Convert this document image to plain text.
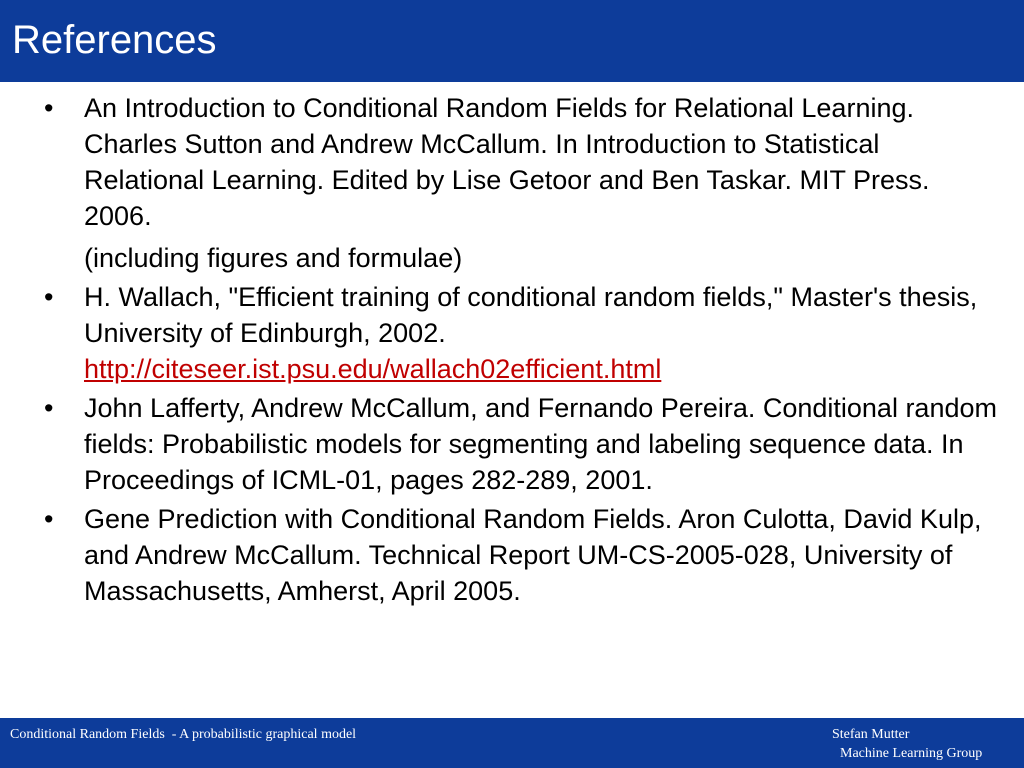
References
• An Introduction to Conditional Random Fields for Relational Learning. Charles Sutton and Andrew McCallum. In Introduction to Statistical Relational Learning. Edited by Lise Getoor and Ben Taskar. MIT Press. 2006.
(including figures and formulae)
• H. Wallach, "Efficient training of conditional random fields," Master's thesis, University of Edinburgh, 2002.
http://citeseer.ist.psu.edu/wallach02efficient.html
• John Lafferty, Andrew McCallum, and Fernando Pereira. Conditional random fields: Probabilistic models for segmenting and labeling sequence data. In Proceedings of ICML-01, pages 282-289, 2001.
• Gene Prediction with Conditional Random Fields. Aron Culotta, David Kulp, and Andrew McCallum. Technical Report UM-CS-2005-028, University of Massachusetts, Amherst, April 2005.
Conditional Random Fields  - A probabilistic graphical model	Stefan Mutter
Machine Learning Group
